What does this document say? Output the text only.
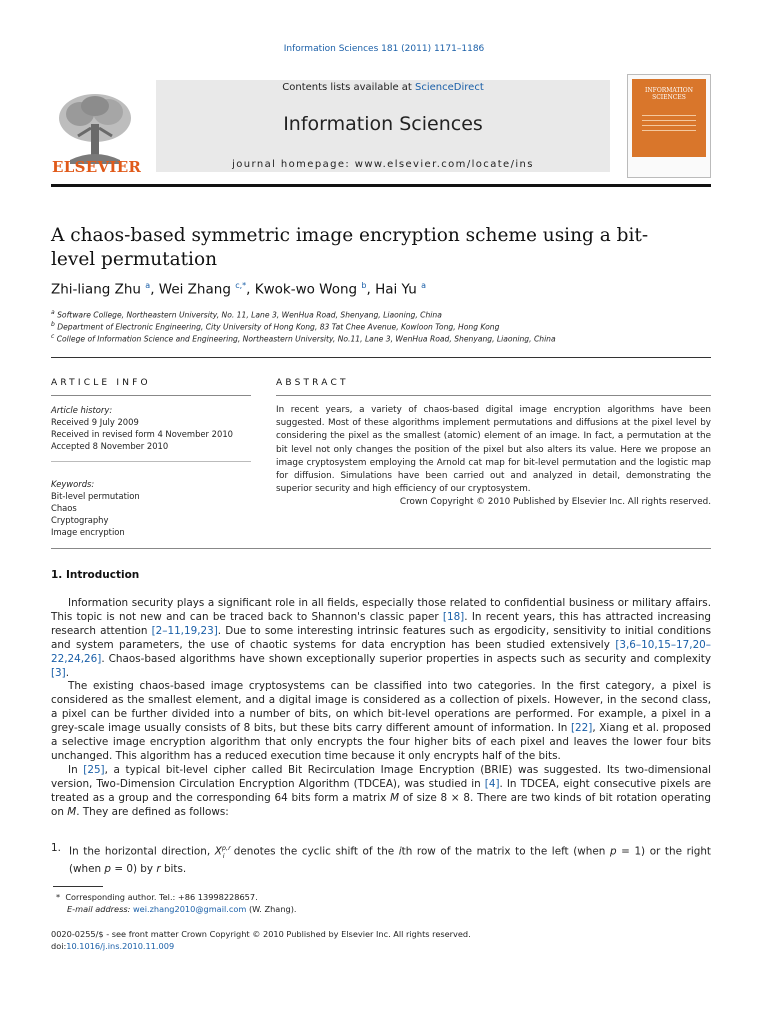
Information Sciences 181 (2011) 1171–1186
ELSEVIER
Contents lists available at ScienceDirect
Information Sciences
journal homepage: www.elsevier.com/locate/ins
INFORMATION SCIENCES
A chaos-based symmetric image encryption scheme using a bit-level permutation
Zhi-liang Zhu $^a$, Wei Zhang $^{c,*}$, Kwok-wo Wong $^b$, Hai Yu $^a$
$^a$ Software College, Northeastern University, No. 11, Lane 3, WenHua Road, Shenyang, Liaoning, China
$^b$ Department of Electronic Engineering, City University of Hong Kong, 83 Tat Chee Avenue, Kowloon Tong, Hong Kong
$^c$ College of Information Science and Engineering, Northeastern University, No.11, Lane 3, WenHua Road, Shenyang, Liaoning, China
ARTICLE INFO	ABSTRACT
Article history:
Received 9 July 2009
Received in revised form 4 November 2010
Accepted 8 November 2010
Keywords:
Bit-level permutation
Chaos
Cryptography
Image encryption
In recent years, a variety of chaos-based digital image encryption algorithms have been suggested. Most of these algorithms implement permutations and diffusions at the pixel level by considering the pixel as the smallest (atomic) element of an image. In fact, a permutation at the bit level not only changes the position of the pixel but also alters its value. Here we propose an image cryptosystem employing the Arnold cat map for bit-level permutation and the logistic map for diffusion. Simulations have been carried out and analyzed in detail, demonstrating the superior security and high efficiency of our cryptosystem.
Crown Copyright © 2010 Published by Elsevier Inc. All rights reserved.
1. Introduction

Information security plays a significant role in all fields, especially those related to confidential business or military affairs. This topic is not new and can be traced back to Shannon's classic paper [18]. In recent years, this has attracted increasing research attention [2–11,19,23]. Due to some interesting intrinsic features such as ergodicity, sensitivity to initial conditions and system parameters, the use of chaotic systems for data encryption has been studied extensively [3,6–10,15–17,20–22,24,26]. Chaos-based algorithms have shown exceptionally superior properties in aspects such as security and complexity [3].

The existing chaos-based image cryptosystems can be classified into two categories. In the first category, a pixel is considered as the smallest element, and a digital image is considered as a collection of pixels. However, in the second class, a pixel can be further divided into a number of bits, on which bit-level operations are performed. For example, a pixel in a grey-scale image usually consists of 8 bits, but these bits carry different amount of information. In [22], Xiang et al. proposed a selective image encryption algorithm that only encrypts the four higher bits of each pixel and leaves the lower four bits unchanged. This algorithm has a reduced execution time because it only encrypts half of the bits.

In [25], a typical bit-level cipher called Bit Recirculation Image Encryption (BRIE) was suggested. Its two-dimensional version, Two-Dimension Circulation Encryption Algorithm (TDCEA), was studied in [4]. In TDCEA, eight consecutive pixels are treated as a group and the corresponding 64 bits form a matrix M of size 8 × 8. There are two kinds of bit rotation operating on M. They are defined as follows:

1. In the horizontal direction, X$^{p,r}_i$  denotes the cyclic shift of the ith row of the matrix to the left (when p = 1) or the right (when p = 0) by r bits.
* Corresponding author. Tel.: +86 13998228657.
E-mail address: wei.zhang2010@gmail.com (W. Zhang).
0020-0255/$ - see front matter Crown Copyright © 2010 Published by Elsevier Inc. All rights reserved.
doi:10.1016/j.ins.2010.11.009
